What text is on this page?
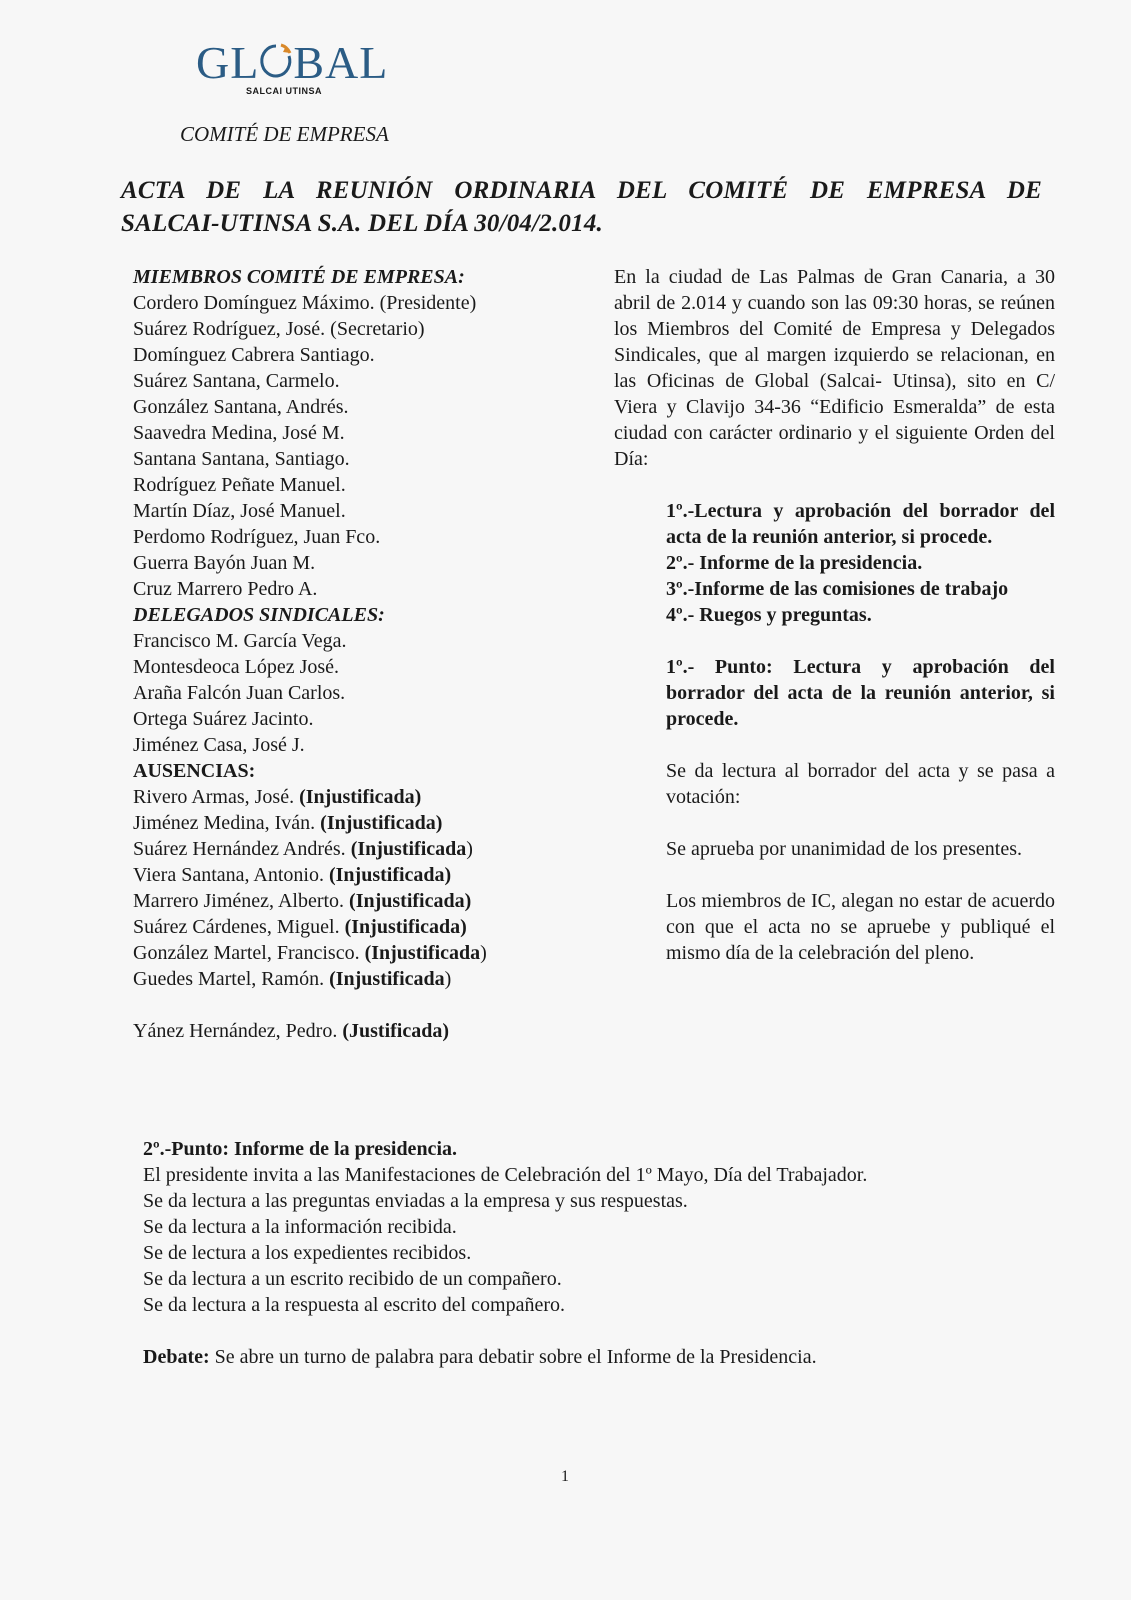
GL BAL
SALCAI UTINSA
COMITÉ DE EMPRESA
ACTA DE LA REUNIÓN ORDINARIA DEL COMITÉ DE EMPRESA DE
SALCAI-UTINSA S.A. DEL DÍA 30/04/2.014.
MIEMBROS COMITÉ DE EMPRESA:
Cordero Domínguez Máximo. (Presidente)
Suárez Rodríguez, José. (Secretario)
Domínguez Cabrera Santiago.
Suárez Santana, Carmelo.
González Santana, Andrés.
Saavedra Medina, José M.
Santana Santana, Santiago.
Rodríguez Peñate Manuel.
Martín Díaz, José Manuel.
Perdomo Rodríguez, Juan Fco.
Guerra Bayón Juan M.
Cruz Marrero Pedro A.
DELEGADOS SINDICALES:
Francisco M. García Vega.
Montesdeoca López José.
Araña Falcón Juan Carlos.
Ortega Suárez Jacinto.
Jiménez Casa, José J.
AUSENCIAS:
Rivero Armas, José. (Injustificada)
Jiménez Medina, Iván. (Injustificada)
Suárez Hernández Andrés. (Injustificada)
Viera Santana, Antonio. (Injustificada)
Marrero Jiménez, Alberto. (Injustificada)
Suárez Cárdenes, Miguel. (Injustificada)
González Martel, Francisco. (Injustificada)
Guedes Martel, Ramón. (Injustificada)
Yánez Hernández, Pedro. (Justificada)

En la ciudad de Las Palmas de Gran Canaria, a 30 abril de 2.014 y cuando son las 09:30 horas, se reúnen los Miembros del Comité de Empresa y Delegados Sindicales, que al margen izquierdo se relacionan, en las Oficinas de Global (Salcai- Utinsa), sito en C/ Viera y Clavijo 34-36 “Edificio Esmeralda” de esta ciudad con carácter ordinario y el siguiente Orden del Día:

1º.-Lectura y aprobación del borrador del acta de la reunión anterior, si procede.

2º.- Informe de la presidencia.

3º.-Informe de las comisiones de trabajo

4º.- Ruegos y preguntas.

1º.- Punto: Lectura y aprobación del borrador del acta de la reunión anterior, si procede.

Se da lectura al borrador del acta y se pasa a votación:

Se aprueba por unanimidad de los presentes.

Los miembros de IC, alegan no estar de acuerdo con que el acta no se apruebe y publiqué el mismo día de la celebración del pleno.

2º.-Punto: Informe de la presidencia.
El presidente invita a las Manifestaciones de Celebración del 1º Mayo, Día del Trabajador.
Se da lectura a las preguntas enviadas a la empresa y sus respuestas.
Se da lectura a la información recibida.
Se de lectura a los expedientes recibidos.
Se da lectura a un escrito recibido de un compañero.
Se da lectura a la respuesta al escrito del compañero.
Debate: Se abre un turno de palabra para debatir sobre el Informe de la Presidencia.
1
